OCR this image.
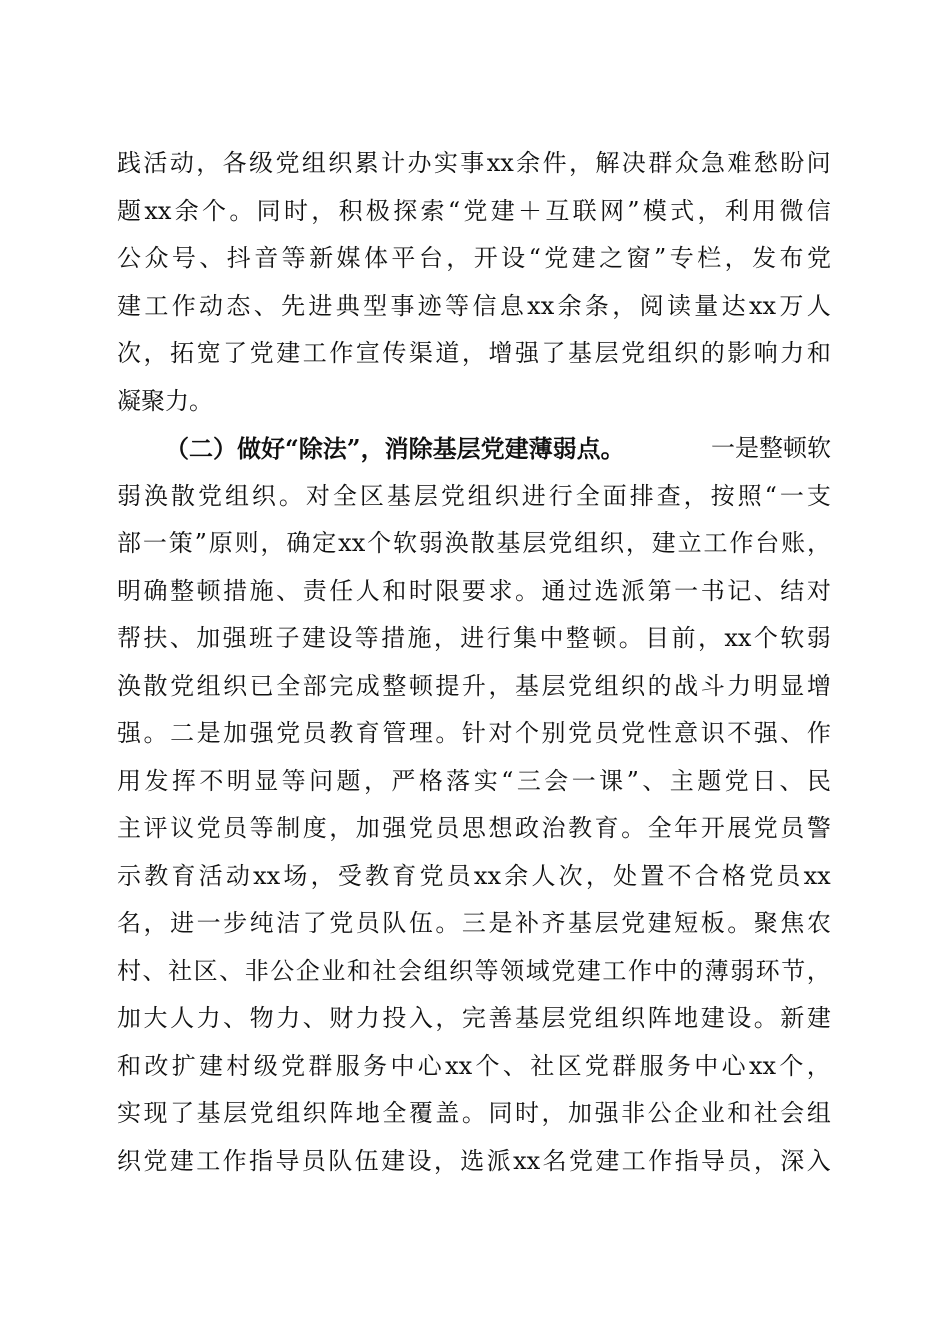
践 活 动 ， 各 级 党 组 织 累 计 办 实 事 xx 余 件 ， 解 决 群 众 急 难 愁 盼 问
题 xx 余 个 。 同 时 ， 积 极 探 索 “ 党 建 ＋ 互 联 网 ” 模 式 ， 利 用 微 信
公 众 号 、 抖 音 等 新 媒 体 平 台 ， 开 设 “ 党 建 之 窗 ” 专 栏 ， 发 布 党
建 工 作 动 态 、 先 进 典 型 事 迹 等 信 息 xx 余 条 ， 阅 读 量 达 xx 万 人
次 ， 拓 宽 了 党 建 工 作 宣 传 渠 道 ， 增 强 了 基 层 党 组 织 的 影 响 力 和
凝聚力。
（二）做好“除法”，消除基层党建薄弱点。	一是整顿软
弱 涣 散 党 组 织 。 对 全 区 基 层 党 组 织 进 行 全 面 排 查 ， 按 照 “ 一 支
部 一 策 ” 原 则 ， 确 定 xx 个 软 弱 涣 散 基 层 党 组 织 ， 建 立 工 作 台 账 ，
明 确 整 顿 措 施 、 责 任 人 和 时 限 要 求 。 通 过 选 派 第 一 书 记 、 结 对
帮 扶 、 加 强 班 子 建 设 等 措 施 ， 进 行 集 中 整 顿 。 目 前 ， xx 个 软 弱
涣 散 党 组 织 已 全 部 完 成 整 顿 提 升 ， 基 层 党 组 织 的 战 斗 力 明 显 增
强 。 二 是 加 强 党 员 教 育 管 理 。 针 对 个 别 党 员 党 性 意 识 不 强 、 作
用 发 挥 不 明 显 等 问 题 ， 严 格 落 实 “ 三 会 一 课 ” 、 主 题 党 日 、 民
主 评 议 党 员 等 制 度 ， 加 强 党 员 思 想 政 治 教 育 。 全 年 开 展 党 员 警
示 教 育 活 动 xx 场 ， 受 教 育 党 员 xx 余 人 次 ， 处 置 不 合 格 党 员 xx
名 ， 进 一 步 纯 洁 了 党 员 队 伍 。 三 是 补 齐 基 层 党 建 短 板 。 聚 焦 农
村 、 社 区 、 非 公 企 业 和 社 会 组 织 等 领 域 党 建 工 作 中 的 薄 弱 环 节 ，
加 大 人 力 、 物 力 、 财 力 投 入 ， 完 善 基 层 党 组 织 阵 地 建 设 。 新 建
和 改 扩 建 村 级 党 群 服 务 中 心 xx 个 、 社 区 党 群 服 务 中 心 xx 个 ，
实 现 了 基 层 党 组 织 阵 地 全 覆 盖 。 同 时 ， 加 强 非 公 企 业 和 社 会 组
织 党 建 工 作 指 导 员 队 伍 建 设 ， 选 派 xx 名 党 建 工 作 指 导 员 ， 深 入
